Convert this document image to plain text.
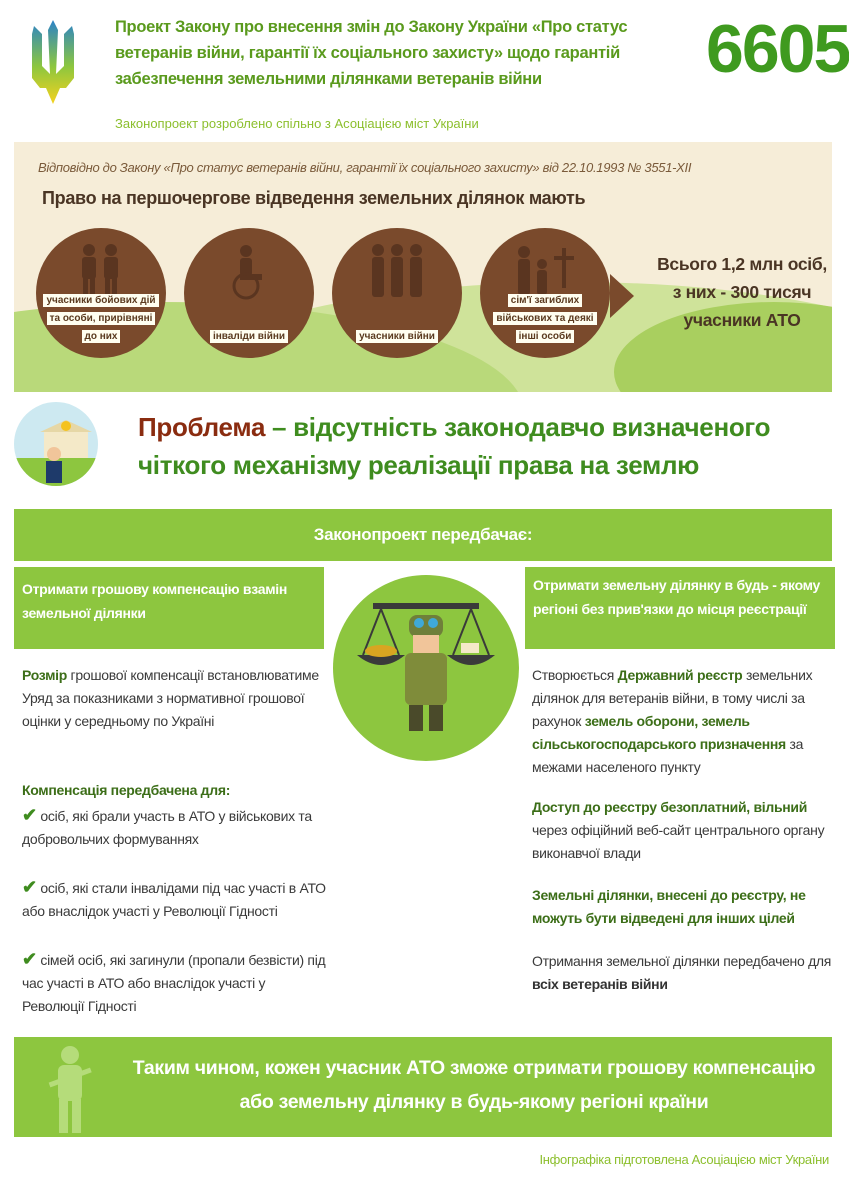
Проект Закону про внесення змін до Закону України «Про статус ветеранів війни, гарантії їх соціального захисту» щодо гарантій забезпечення земельними ділянками ветеранів війни	6605
Законопроект розроблено спільно з Асоціацією міст України
Відповідно до Закону «Про статус ветеранів війни, гарантії їх соціального захисту» від 22.10.1993 № 3551-XII
Право на першочергове відведення земельних ділянок мають
учасники бойових дій та особи, прирівняні до них	інваліди війни	учасники війни
сім'ї загиблих військових та деякі інші особи
Всього 1,2 млн осіб,
з них - 300 тисяч
учасники АТО
Проблема – відсутність законодавчо визначеного
чіткого механізму реалізації права на землю
Законопроект передбачає:
Отримати грошову компенсацію взамін земельної ділянки
Розмір грошової компенсації встановлюватиме Уряд за показниками з нормативної грошової оцінки у середньому по Україні
Компенсація передбачена для:
✔ осіб, які брали участь в АТО у військових та добровольчих формуваннях
✔ осіб, які стали інвалідами під час участі в АТО або внаслідок участі у Революції Гідності
✔ сімей осіб, які загинули (пропали безвісти) під час участі в АТО або внаслідок участі у Революції Гідності
Отримати земельну ділянку в будь - якому регіоні без прив'язки до місця реєстрації
Створюється Державний реєстр земельних ділянок для ветеранів війни, в тому числі за рахунок земель оборони, земель сільськогосподарського призначення за межами населеного пункту
Доступ до реєстру безоплатний, вільний через офіційний веб-сайт центрального органу виконавчої влади
Земельні ділянки, внесені до реєстру, не можуть бути відведені для інших цілей
Отримання земельної ділянки передбачено для всіх ветеранів війни
Таким чином, кожен учасник АТО зможе отримати грошову компенсацію або земельну ділянку в будь-якому регіоні країни
Інфографіка підготовлена Асоціацією міст України
